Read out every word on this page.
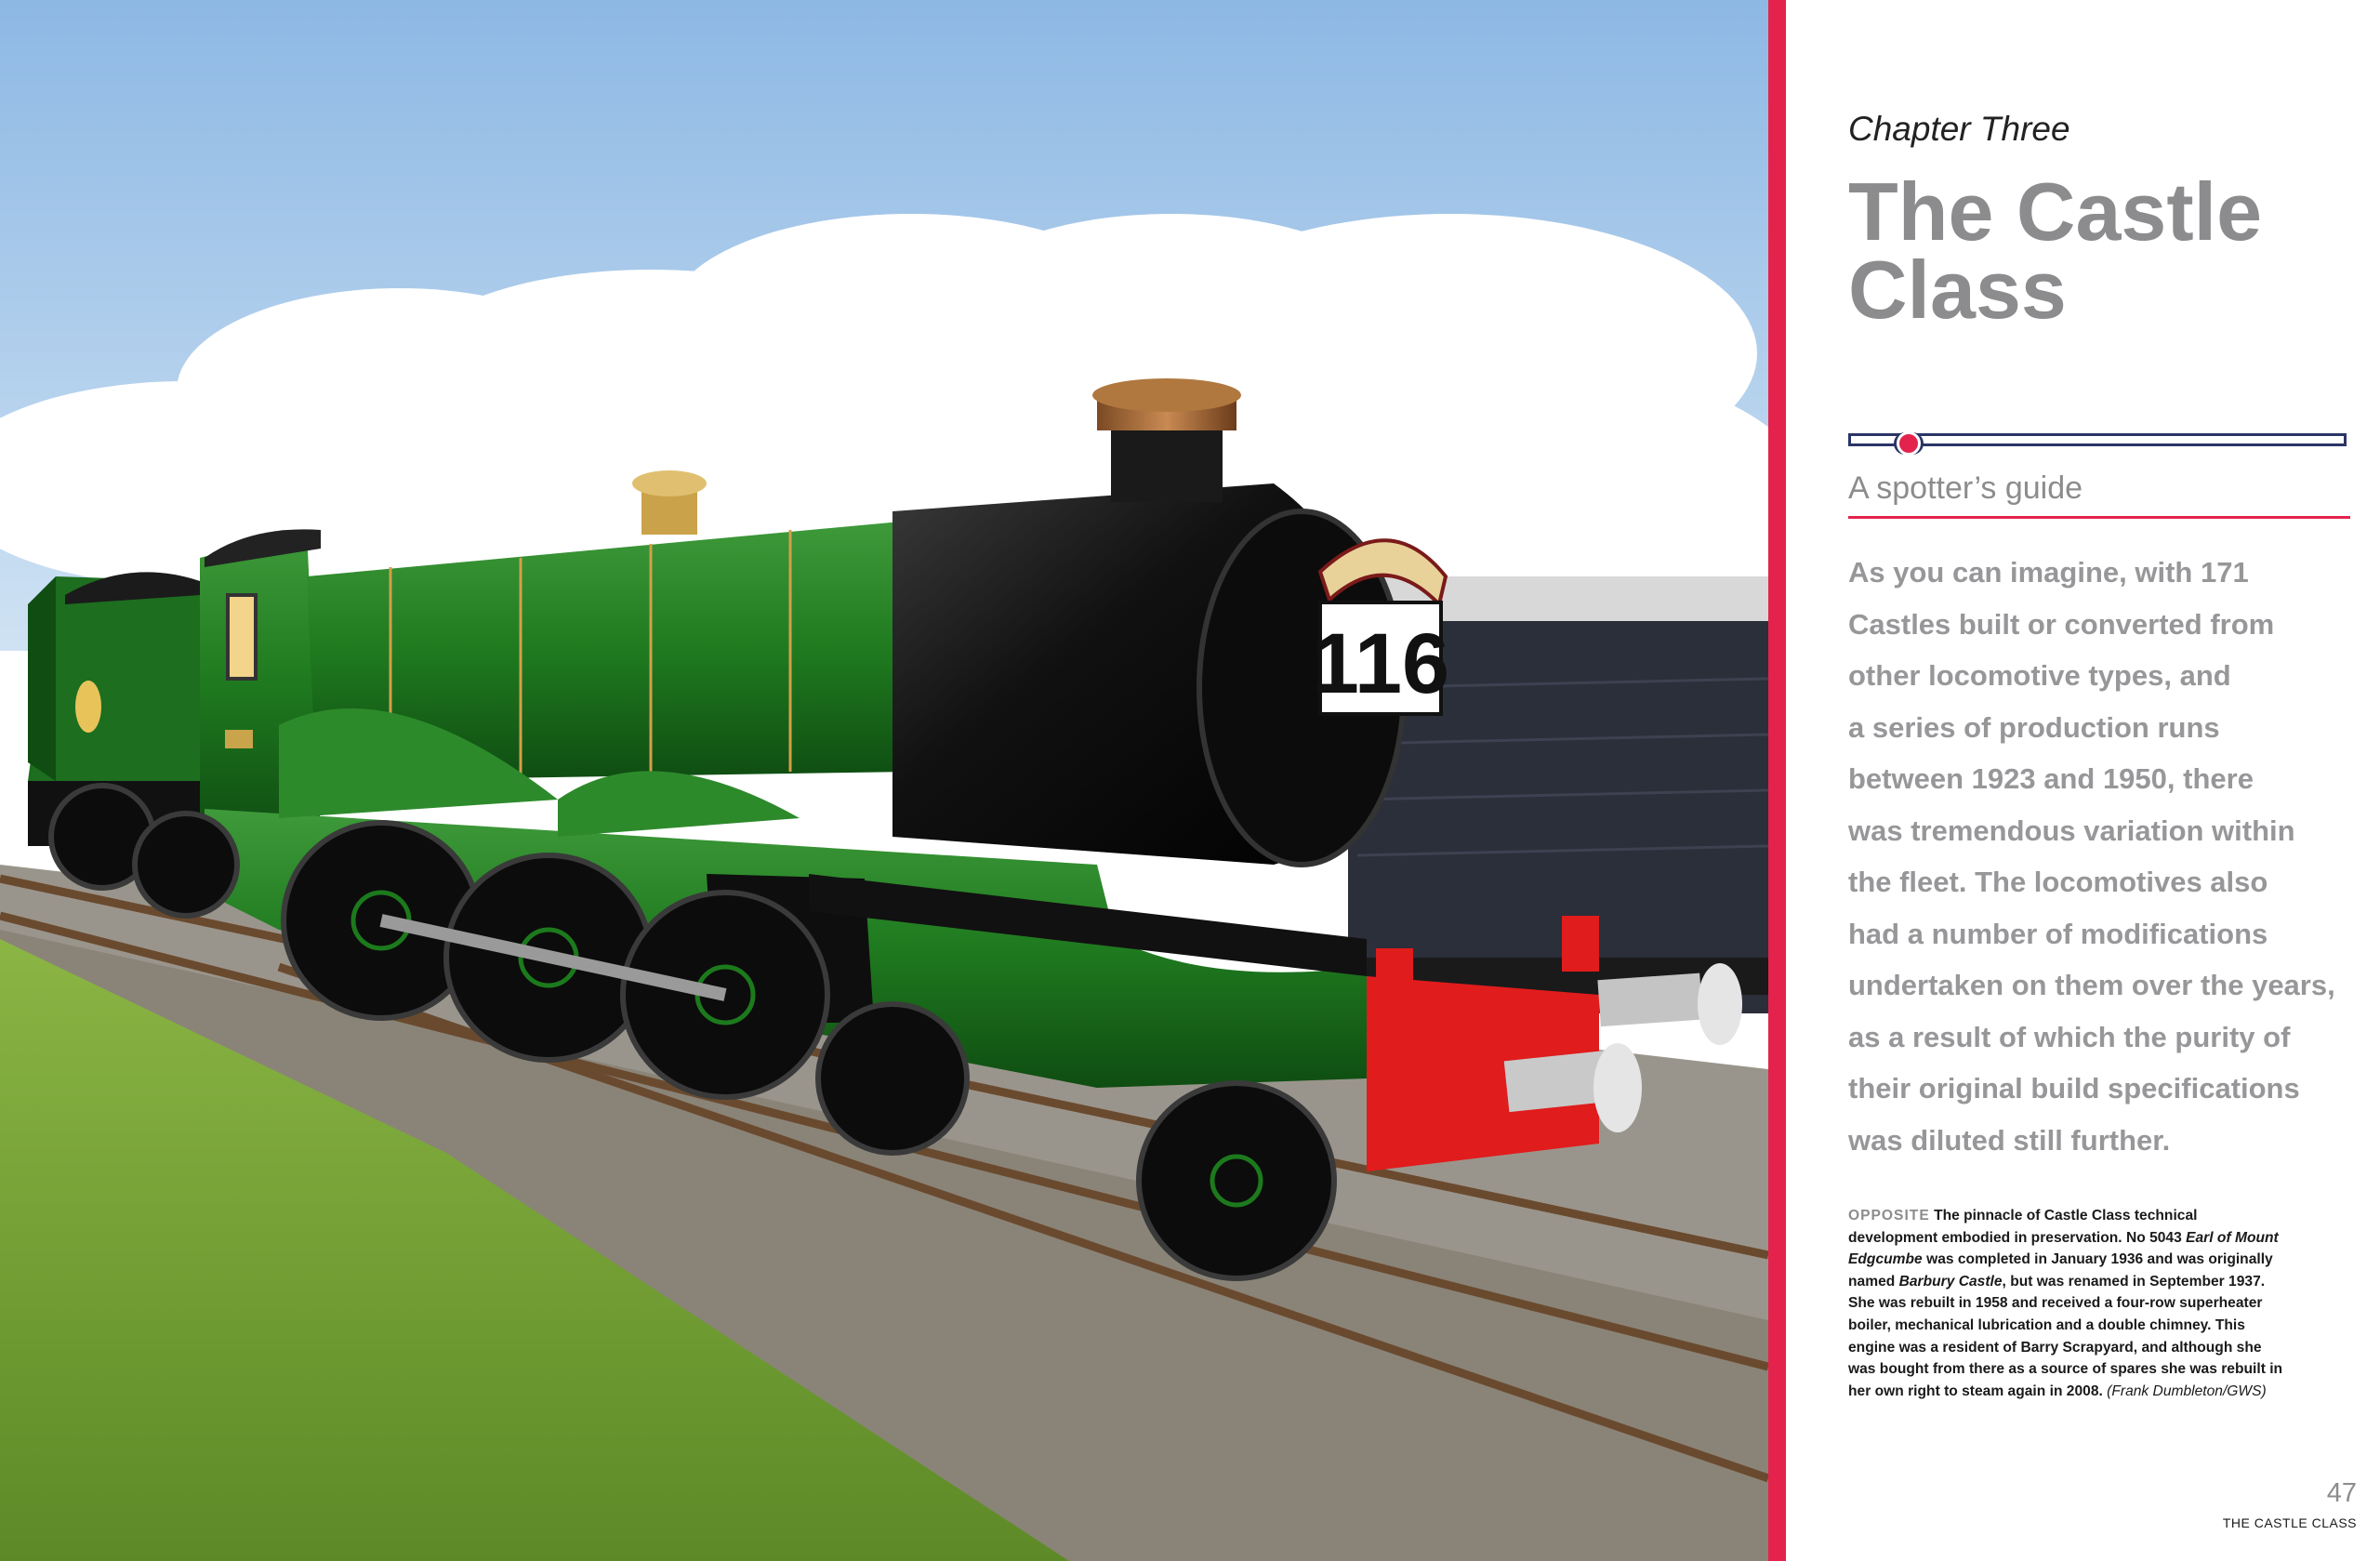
116
Chapter Three
The Castle
Class
A spotter’s guide

As you can imagine, with 171
Castles built or converted from
other locomotive types, and
a series of production runs
between 1923 and 1950, there
was tremendous variation within
the fleet. The locomotives also
had a number of modifications
undertaken on them over the years,
as a result of which the purity of
their original build specifications
was diluted still further.

OPPOSITE The pinnacle of Castle Class technical
development embodied in preservation. No 5043 Earl of Mount
Edgcumbe was completed in January 1936 and was originally
named Barbury Castle, but was renamed in September 1937.
She was rebuilt in 1958 and received a four-row superheater
boiler, mechanical lubrication and a double chimney. This
engine was a resident of Barry Scrapyard, and although she
was bought from there as a source of spares she was rebuilt in
her own right to steam again in 2008. (Frank Dumbleton/GWS)

47
THE CASTLE CLASS
